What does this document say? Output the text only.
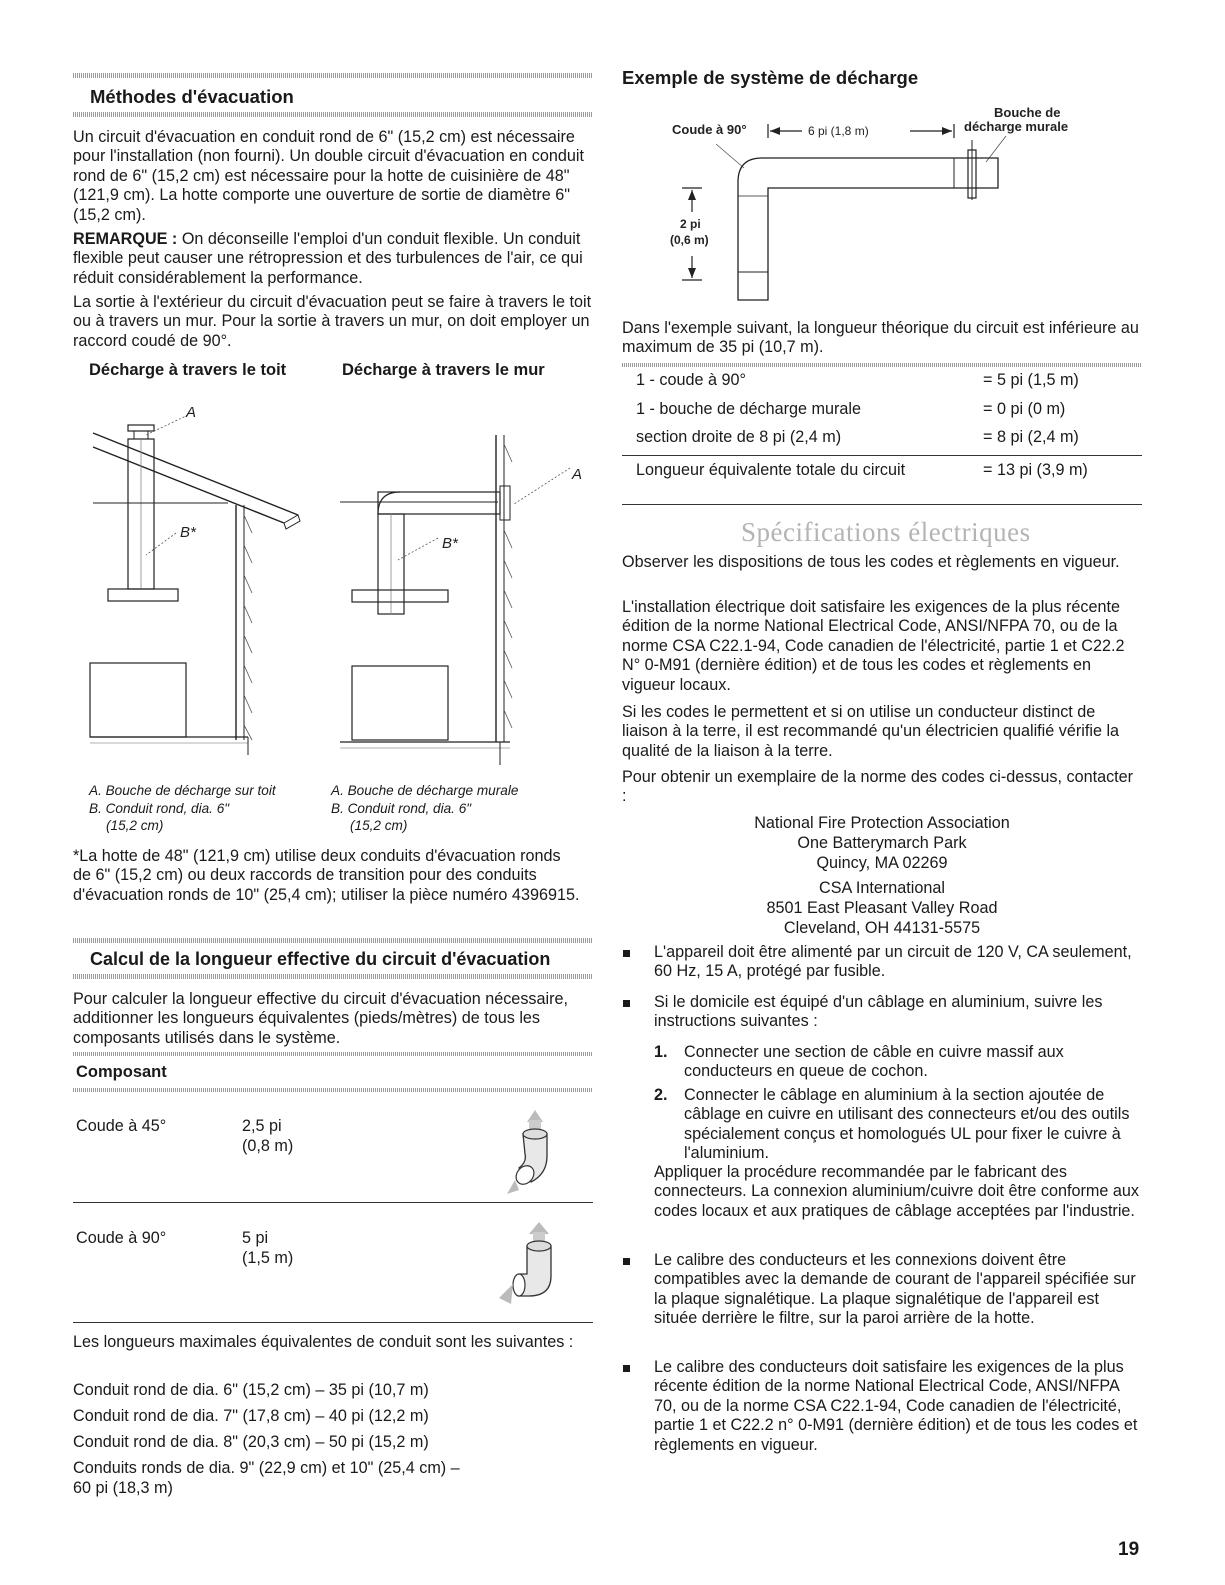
Méthodes d'évacuation

Un circuit d'évacuation en conduit rond de 6" (15,2 cm) est nécessaire pour l'installation (non fourni). Un double circuit d'évacuation en conduit rond de 6" (15,2 cm) est nécessaire pour la hotte de cuisinière de 48" (121,9 cm). La hotte comporte une ouverture de sortie de diamètre 6" (15,2 cm).

REMARQUE : On déconseille l'emploi d'un conduit flexible. Un conduit flexible peut causer une rétropression et des turbulences de l'air, ce qui réduit considérablement la performance.

La sortie à l'extérieur du circuit d'évacuation peut se faire à travers le toit ou à travers un mur. Pour la sortie à travers un mur, on doit employer un raccord coudé de 90°.

Décharge à travers le toit	Décharge à travers le mur
A
B*
A
B*

A. Bouche de décharge sur toit

B. Conduit rond, dia. 6"

(15,2 cm)

A. Bouche de décharge murale

B. Conduit rond, dia. 6"

(15,2 cm)

*La hotte de 48" (121,9 cm) utilise deux conduits d'évacuation ronds de 6" (15,2 cm) ou deux raccords de transition pour des conduits d'évacuation ronds de 10" (25,4 cm); utiliser la pièce numéro 4396915.

Calcul de la longueur effective du circuit d'évacuation

Pour calculer la longueur effective du circuit d'évacuation nécessaire, additionner les longueurs équivalentes (pieds/mètres) de tous les composants utilisés dans le système.

Composant
Coude à 45°	2,5 pi
(0,8 m)
Coude à 90°	5 pi
(1,5 m)

Les longueurs maximales équivalentes de conduit sont les suivantes :

Conduit rond de dia. 6" (15,2 cm) – 35 pi (10,7 m)

Conduit rond de dia. 7" (17,8 cm) – 40 pi (12,2 m)

Conduit rond de dia. 8" (20,3 cm) – 50 pi (15,2 m)

Conduits ronds de dia. 9" (22,9 cm) et 10" (25,4 cm) –

60 pi (18,3 m)

Exemple de système de décharge
Coude à 90°
Bouche de
décharge murale
6 pi (1,8 m)
2 pi
(0,6 m)

Dans l'exemple suivant, la longueur théorique du circuit est inférieure au maximum de 35 pi (10,7 m).

1 - coude à 90°	= 5 pi (1,5 m)
1 - bouche de décharge murale	= 0 pi (0 m)
section droite de 8 pi (2,4 m)	= 8 pi (2,4 m)
Longueur équivalente totale du circuit	= 13 pi (3,9 m)
Spécifications électriques

Observer les dispositions de tous les codes et règlements en vigueur.

L'installation électrique doit satisfaire les exigences de la plus récente édition de la norme National Electrical Code, ANSI/NFPA 70, ou de la norme CSA C22.1-94, Code canadien de l'électricité, partie 1 et C22.2 N° 0-M91 (dernière édition) et de tous les codes et règlements en vigueur locaux.

Si les codes le permettent et si on utilise un conducteur distinct de liaison à la terre, il est recommandé qu'un électricien qualifié vérifie la qualité de la liaison à la terre.

Pour obtenir un exemplaire de la norme des codes ci-dessus, contacter :

National Fire Protection Association
One Batterymarch Park
Quincy, MA 02269
CSA International
8501 East Pleasant Valley Road
Cleveland, OH 44131-5575

L'appareil doit être alimenté par un circuit de 120 V, CA seulement, 60 Hz, 15 A, protégé par fusible.

Si le domicile est équipé d'un câblage en aluminium, suivre les instructions suivantes :

1. Connecter une section de câble en cuivre massif aux conducteurs en queue de cochon.

2. Connecter le câblage en aluminium à la section ajoutée de câblage en cuivre en utilisant des connecteurs et/ou des outils spécialement conçus et homologués UL pour fixer le cuivre à l'aluminium.

Appliquer la procédure recommandée par le fabricant des connecteurs. La connexion aluminium/cuivre doit être conforme aux codes locaux et aux pratiques de câblage acceptées par l'industrie.

Le calibre des conducteurs et les connexions doivent être compatibles avec la demande de courant de l'appareil spécifiée sur la plaque signalétique. La plaque signalétique de l'appareil est située derrière le filtre, sur la paroi arrière de la hotte.

Le calibre des conducteurs doit satisfaire les exigences de la plus récente édition de la norme National Electrical Code, ANSI/NFPA 70, ou de la norme CSA C22.1-94, Code canadien de l'électricité, partie 1 et C22.2 n° 0-M91 (dernière édition) et de tous les codes et règlements en vigueur.

19
